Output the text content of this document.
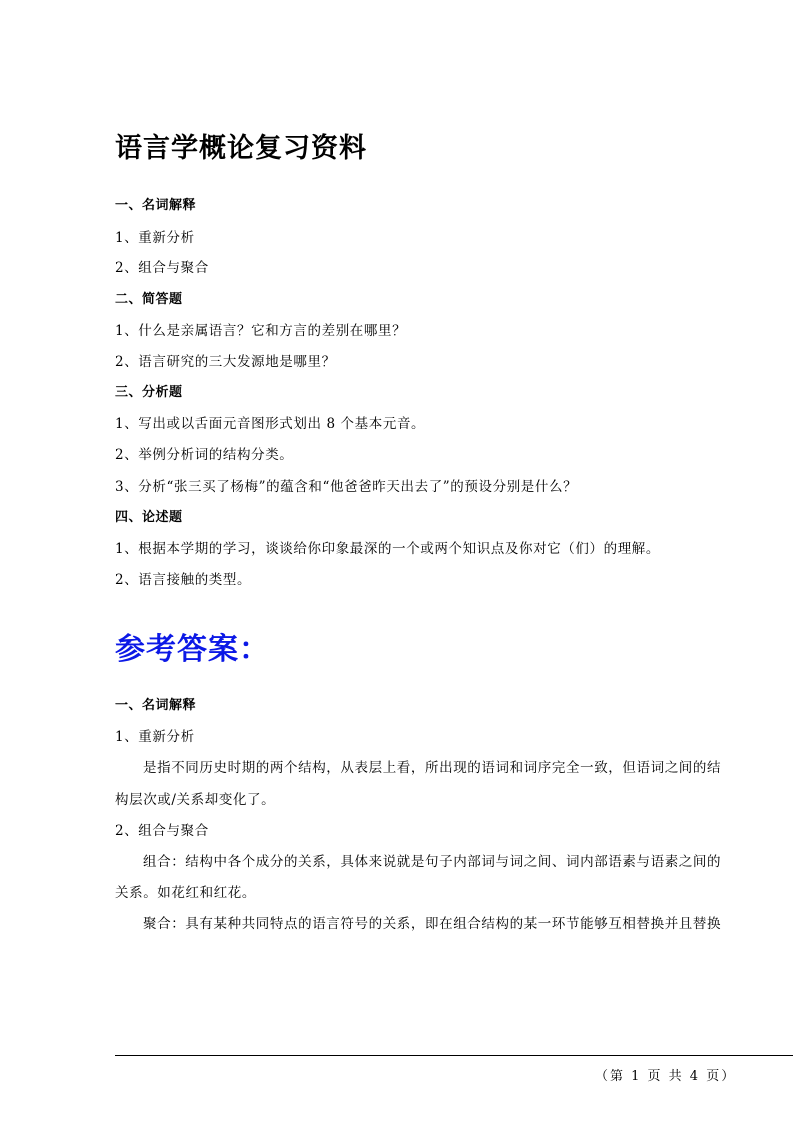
语言学概论复习资料
一、名词解释
1、重新分析
2、组合与聚合
二、简答题
1、什么是亲属语言？它和方言的差别在哪里？
2、语言研究的三大发源地是哪里？
三、分析题
1、写出或以舌面元音图形式划出 8 个基本元音。
2、举例分析词的结构分类。
3、分析“张三买了杨梅”的蕴含和“他爸爸昨天出去了”的预设分别是什么？
四、论述题
1、根据本学期的学习，谈谈给你印象最深的一个或两个知识点及你对它（们）的理解。
2、语言接触的类型。
参考答案：
一、名词解释
1、重新分析
是指不同历史时期的两个结构，从表层上看，所出现的语词和词序完全一致，但语词之间的结
构层次或/关系却变化了。
2、组合与聚合
组合：结构中各个成分的关系，具体来说就是句子内部词与词之间、词内部语素与语素之间的
关系。如花红和红花。
聚合：具有某种共同特点的语言符号的关系，即在组合结构的某一环节能够互相替换并且替换
（第 1 页 共 4 页）
